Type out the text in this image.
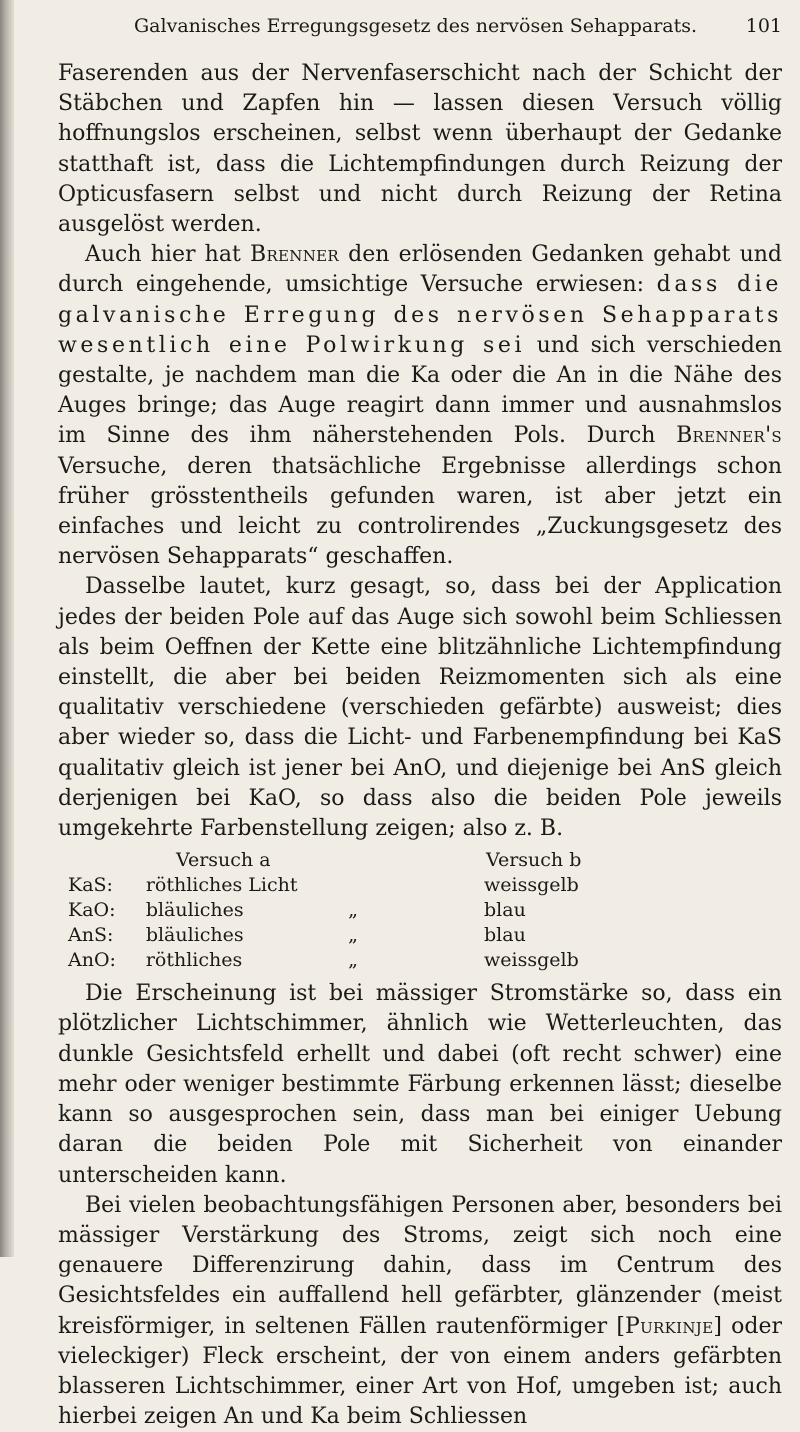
Galvanisches Erregungsgesetz des nervösen Sehapparats.	101

Faserenden aus der Nervenfaserschicht nach der Schicht der Stäbchen und Zapfen hin — lassen diesen Versuch völlig hoffnungslos erscheinen, selbst wenn überhaupt der Gedanke statthaft ist, dass die Lichtempfindungen durch Reizung der Opticusfasern selbst und nicht durch Reizung der Retina ausgelöst werden.

Auch hier hat Brenner den erlösenden Gedanken gehabt und durch eingehende, umsichtige Versuche erwiesen: dass die galvanische Erregung des nervösen Sehapparats wesentlich eine Polwirkung sei und sich verschieden gestalte, je nachdem man die Ka oder die An in die Nähe des Auges bringe; das Auge reagirt dann immer und ausnahmslos im Sinne des ihm näherstehenden Pols. Durch Brenner's Versuche, deren thatsächliche Ergebnisse allerdings schon früher grösstentheils gefunden waren, ist aber jetzt ein einfaches und leicht zu controlirendes „Zuckungsgesetz des nervösen Sehapparats“ geschaffen.

Dasselbe lautet, kurz gesagt, so, dass bei der Application jedes der beiden Pole auf das Auge sich sowohl beim Schliessen als beim Oeffnen der Kette eine blitzähnliche Lichtempfindung einstellt, die aber bei beiden Reizmomenten sich als eine qualitativ verschiedene (verschieden gefärbte) ausweist; dies aber wieder so, dass die Licht- und Farbenempfindung bei KaS qualitativ gleich ist jener bei AnO, und diejenige bei AnS gleich derjenigen bei KaO, so dass also die beiden Pole jeweils umgekehrte Farbenstellung zeigen; also z. B.

Versuch a			Versuch b
KaS:	röthliches Licht		weissgelb
KaO:	bläuliches	„	blau
AnS:	bläuliches	„	blau
AnO:	röthliches	„	weissgelb

Die Erscheinung ist bei mässiger Stromstärke so, dass ein plötzlicher Lichtschimmer, ähnlich wie Wetterleuchten, das dunkle Gesichtsfeld erhellt und dabei (oft recht schwer) eine mehr oder weniger bestimmte Färbung erkennen lässt; dieselbe kann so ausgesprochen sein, dass man bei einiger Uebung daran die beiden Pole mit Sicherheit von einander unterscheiden kann.

Bei vielen beobachtungsfähigen Personen aber, besonders bei mässiger Verstärkung des Stroms, zeigt sich noch eine genauere Differenzirung dahin, dass im Centrum des Gesichtsfeldes ein auffallend hell gefärbter, glänzender (meist kreisförmiger, in seltenen Fällen rautenförmiger [Purkinje] oder vieleckiger) Fleck erscheint, der von einem anders gefärbten blasseren Lichtschimmer, einer Art von Hof, umgeben ist; auch hierbei zeigen An und Ka beim Schliessen
